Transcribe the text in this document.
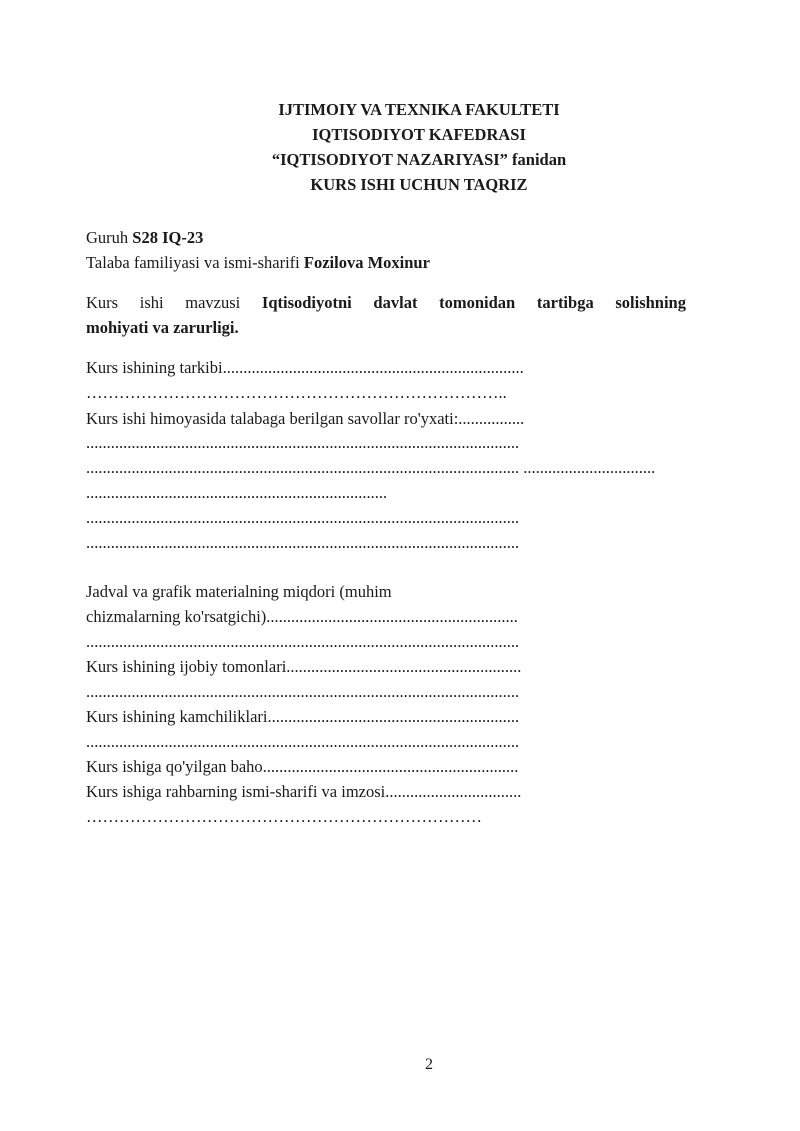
IJTIMOIY VA TEXNIKA FAKULTETI
IQTISODIYOT KAFEDRASI
“IQTISODIYOT NAZARIYASI” fanidan
KURS ISHI UCHUN TAQRIZ
Guruh S28 IQ-23
Talaba familiyasi va ismi-sharifi Fozilova Moxinur
Kurs ishi mavzusi Iqtisodiyotni davlat tomonidan tartibga solishning
mohiyati va zarurligi.
Kurs ishining tarkibi.........................................................................
…………………………………………………………………..
Kurs ishi himoyasida talabaga berilgan savollar ro'yxati:................
.........................................................................................................
......................................................................................................... ................................
.........................................................................
.........................................................................................................
.........................................................................................................
Jadval va grafik materialning miqdori (muhim
chizmalarning ko'rsatgichi).............................................................
.........................................................................................................
Kurs ishining ijobiy tomonlari.........................................................
.........................................................................................................
Kurs ishining kamchiliklari.............................................................
.........................................................................................................
Kurs ishiga qo'yilgan baho..............................................................
Kurs ishiga rahbarning ismi-sharifi va imzosi.................................
………………………………………………………………
2
